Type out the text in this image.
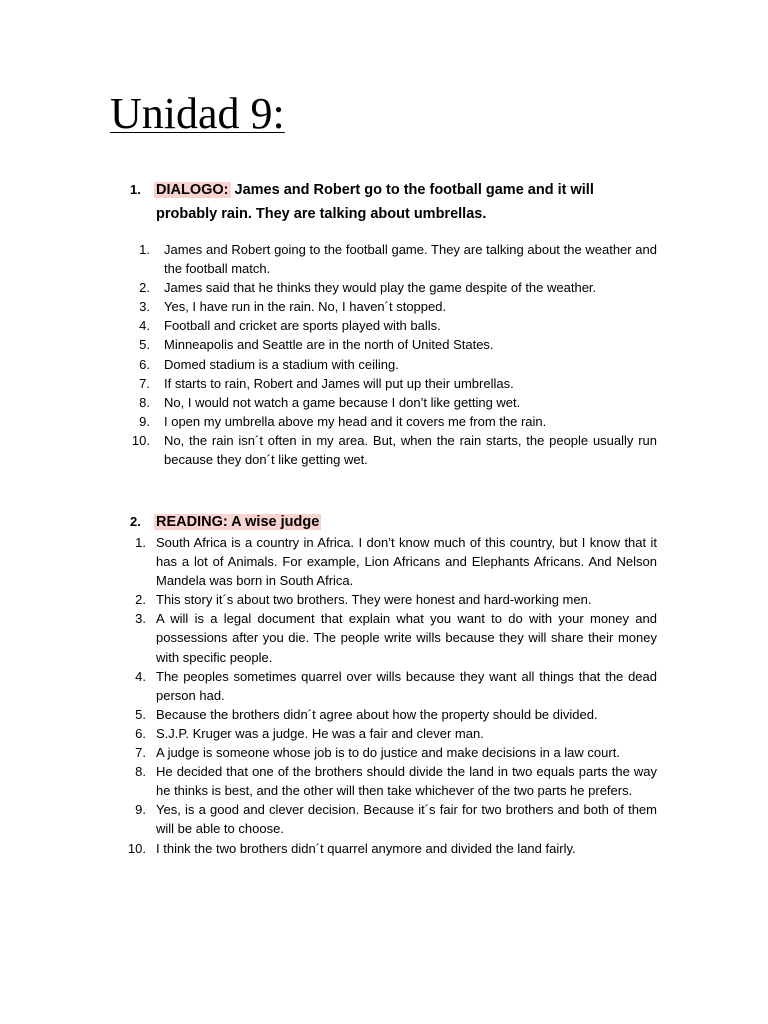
Unidad 9:
1.	DIALOGO: James and Robert go to the football game and it will probably rain. They are talking about umbrellas.
1.	James and Robert going to the football game. They are talking about the weather and the football match.
2.	James said that he thinks they would play the game despite of the weather.
3.	Yes, I have run in the rain. No, I haven´t stopped.
4.	Football and cricket are sports played with balls.
5.	Minneapolis and Seattle are in the north of United States.
6.	Domed stadium is a stadium with ceiling.
7.	If starts to rain, Robert and James will put up their umbrellas.
8.	No, I would not watch a game because I don’t like getting wet.
9.	I open my umbrella above my head and it covers me from the rain.
10.	No, the rain isn´t often in my area. But, when the rain starts, the people usually run because they don´t like getting wet.
2.	READING: A wise judge
1. South Africa is a country in Africa. I don’t know much of this country, but I know that it has a lot of Animals. For example, Lion Africans and Elephants Africans. And Nelson Mandela was born in South Africa.
2. This story it´s about two brothers. They were honest and hard-working men.
3. A will is a legal document that explain what you want to do with your money and possessions after you die. The people write wills because they will share their money with specific people.
4. The peoples sometimes quarrel over wills because they want all things that the dead person had.
5. Because the brothers didn´t agree about how the property should be divided.
6. S.J.P. Kruger was a judge. He was a fair and clever man.
7. A judge is someone whose job is to do justice and make decisions in a law court.
8. He decided that one of the brothers should divide the land in two equals parts the way he thinks is best, and the other will then take whichever of the two parts he prefers.
9. Yes, is a good and clever decision. Because it´s fair for two brothers and both of them will be able to choose.
10. I think the two brothers didn´t quarrel anymore and divided the land fairly.
